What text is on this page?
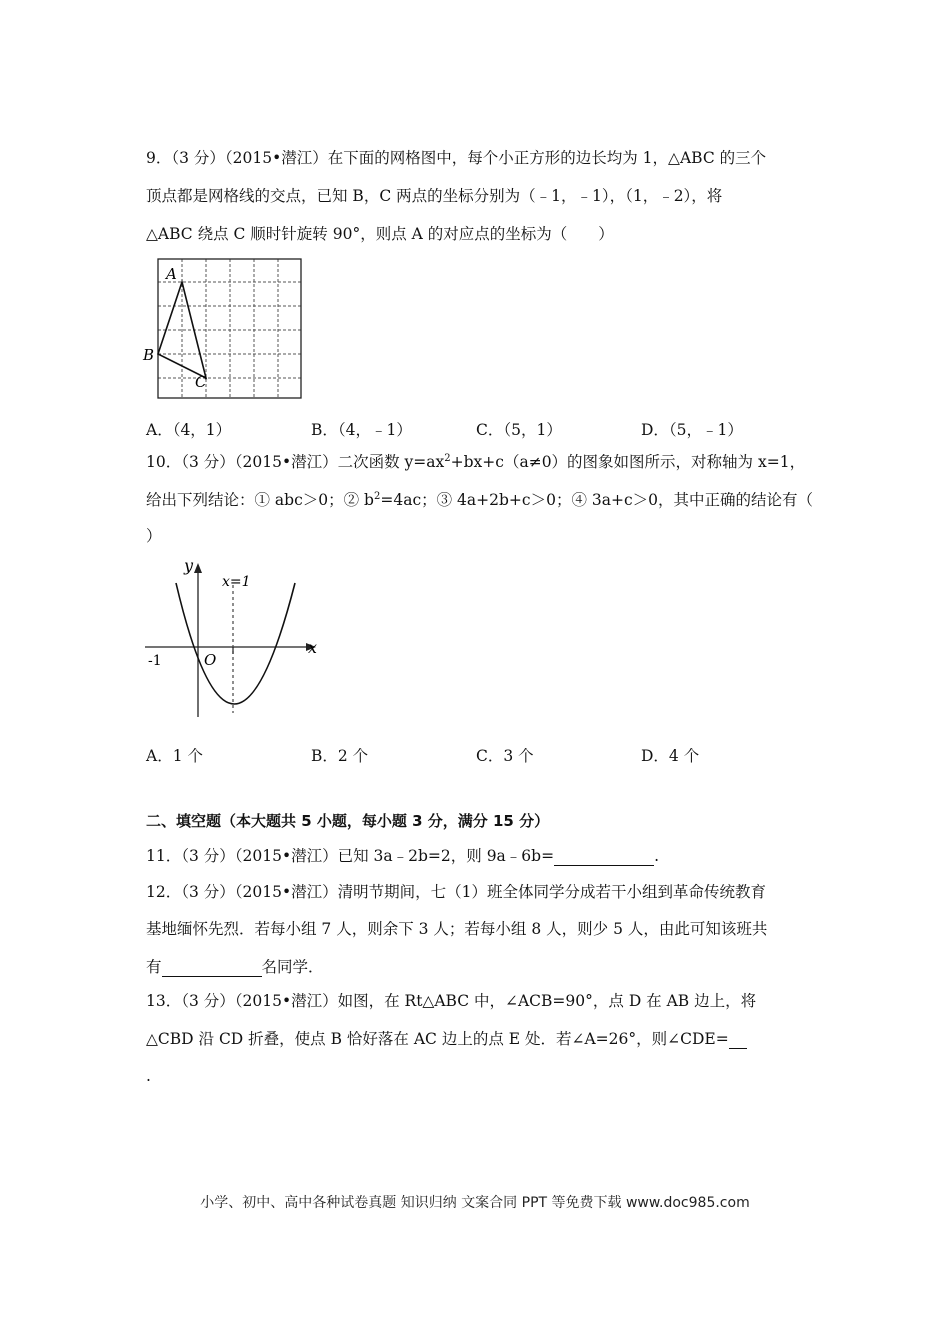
9．（3 分）（2015•潜江）在下面的网格图中，每个小正方形的边长均为 1，△ABC 的三个
顶点都是网格线的交点，已知 B，C 两点的坐标分别为（﹣1，﹣1），（1，﹣2），将
△ABC 绕点 C 顺时针旋转 90°，则点 A 的对应点的坐标为（　　）
A
B
C
A．（4，1）	B．（4，﹣1）	C．（5，1）	D．（5，﹣1）
10．（3 分）（2015•潜江）二次函数 $y=ax^2+bx+c(a\ne 0)$的图象如图所示，对称轴为 x=1，
给出下列结论：① abc＞0；② $b^2=4ac$；③ 4a+2b+c＞0；④ 3a+c＞0，其中正确的结论有（
）
y
x
x=1
O
-1
A．1 个	B．2 个	C．3 个	D．4 个
二、填空题（本大题共 5 小题，每小题 3 分，满分 15 分）
11．（3 分）（2015•潜江）已知 3a﹣2b=2，则 9a﹣6b=	.
12．（3 分）（2015•潜江）清明节期间，七（1）班全体同学分成若干小组到革命传统教育
基地缅怀先烈．若每小组 7 人，则余下 3 人；若每小组 8 人，则少 5 人，由此可知该班共
有	名同学．
13．（3 分）（2015•潜江）如图，在 Rt△ABC 中，∠ACB=90°，点 D 在 AB 边上，将
△CBD 沿 CD 折叠，使点 B 恰好落在 AC 边上的点 E 处．若∠A=26°，则∠CDE=
.
小学、初中、高中各种试卷真题 知识归纳 文案合同 PPT 等免费下载 www.doc985.com
